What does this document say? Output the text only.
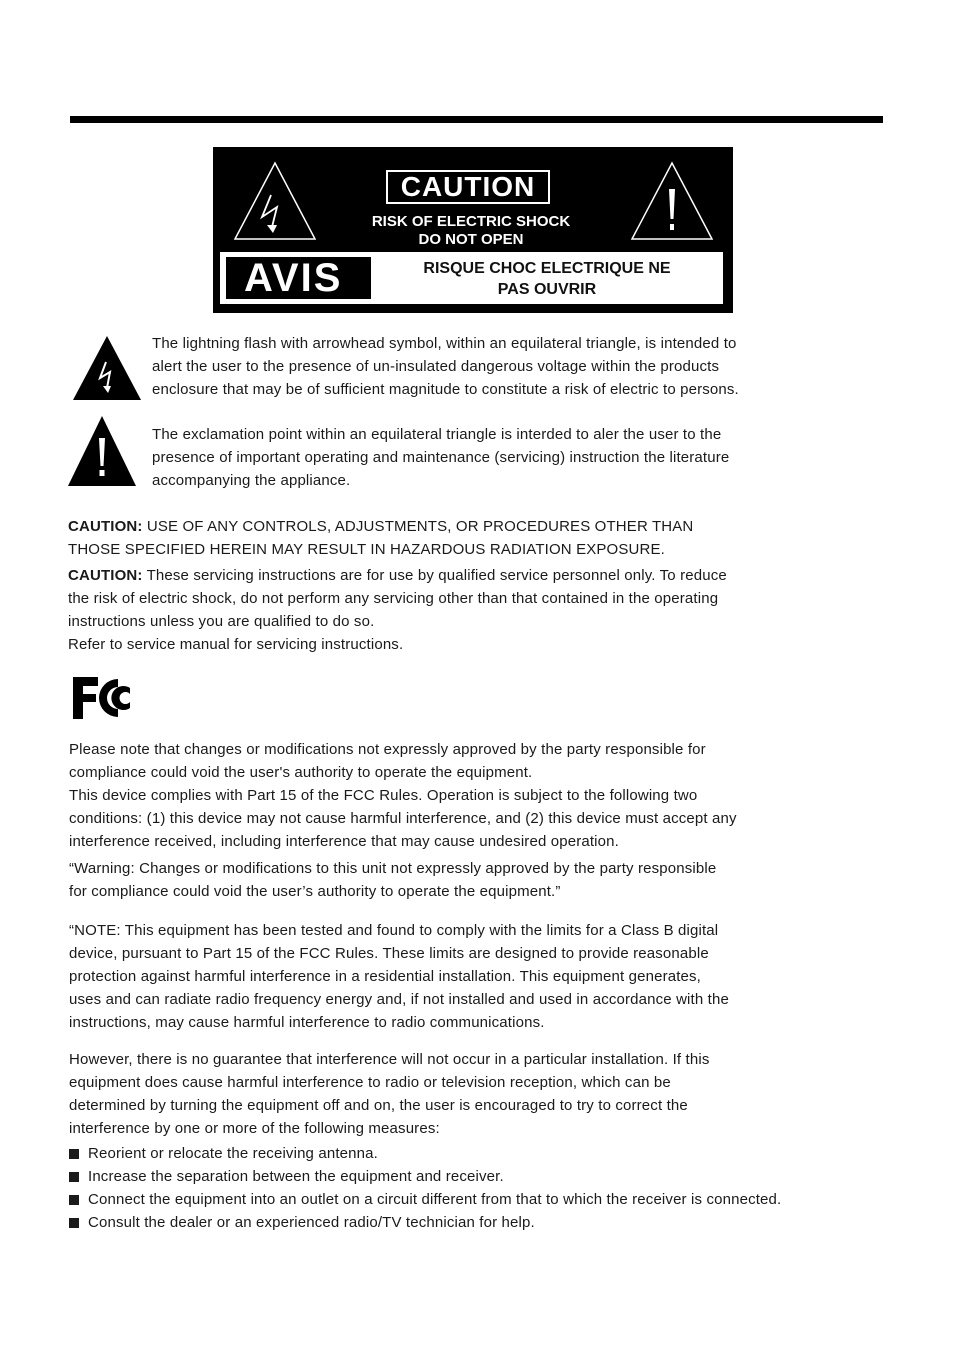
CAUTION
RISK OF ELECTRIC SHOCK
DO NOT OPEN
AVIS	RISQUE CHOC ELECTRIQUE NE
PAS OUVRIR
The lightning flash with arrowhead symbol, within an equilateral triangle, is intended to
alert the user to the presence of un-insulated dangerous voltage within the products
enclosure that may be of sufficient magnitude to constitute a risk of electric to persons.
The exclamation point within an equilateral triangle is interded to aler the user to the
presence of important operating and maintenance (servicing) instruction the literature
accompanying the appliance.
CAUTION: USE OF ANY CONTROLS, ADJUSTMENTS, OR PROCEDURES OTHER THAN
THOSE SPECIFIED HEREIN MAY RESULT IN HAZARDOUS RADIATION EXPOSURE.
CAUTION: These servicing instructions are for use by qualified service personnel only. To reduce
the risk of electric shock, do not perform any servicing other than that contained in the operating
instructions unless you are qualified to do so.
Refer to service manual for servicing instructions.
FC
Please note that changes or modifications not expressly approved by the party responsible for
compliance could void the user's authority to operate the equipment.
This device complies with Part 15 of the FCC Rules. Operation is subject to the following two
conditions: (1) this device may not cause harmful interference, and (2) this device must accept any
interference received, including interference that may cause undesired operation.
“Warning: Changes or modifications to this unit not expressly approved by the party responsible
for compliance could void the user’s authority to operate the equipment.”
“NOTE: This equipment has been tested and found to comply with the limits for a Class B digital
device, pursuant to Part 15 of the FCC Rules. These limits are designed to provide reasonable
protection against harmful interference in a residential installation. This equipment generates,
uses and can radiate radio frequency energy and, if not installed and used in accordance with the
instructions, may cause harmful interference to radio communications.
However, there is no guarantee that interference will not occur in a particular installation. If this
equipment does cause harmful interference to radio or television reception, which can be
determined by turning the equipment off and on, the user is encouraged to try to correct the
interference by one or more of the following measures:
Reorient or relocate the receiving antenna.
Increase the separation between the equipment and receiver.
Connect the equipment into an outlet on a circuit different from that to which the receiver is connected.
Consult the dealer or an experienced radio/TV technician for help.
